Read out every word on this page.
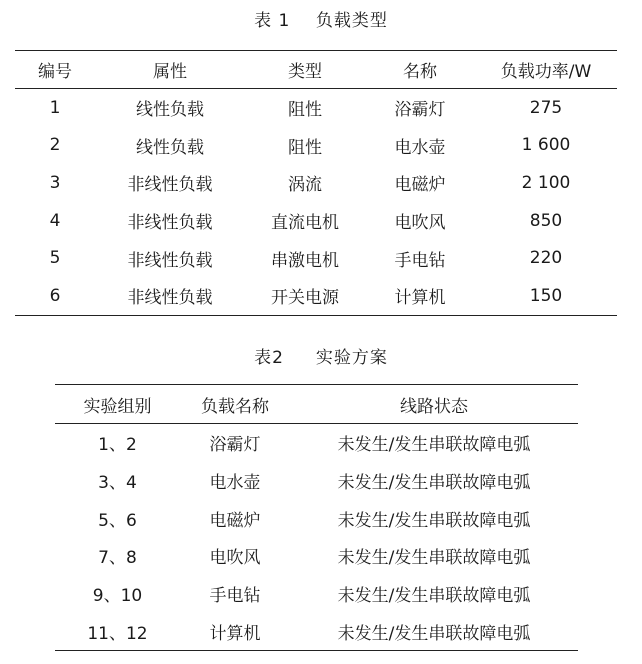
表 1    负载类型
编号	属性	类型	名称	负载功率/W
1	线性负载	阻性	浴霸灯	275
2	线性负载	阻性	电水壶	1 600
3	非线性负载	涡流	电磁炉	2 100
4	非线性负载	直流电机	电吹风	850
5	非线性负载	串激电机	手电钻	220
6	非线性负载	开关电源	计算机	150
表2     实验方案
实验组别	负载名称	线路状态
1、2	浴霸灯	未发生/发生串联故障电弧
3、4	电水壶	未发生/发生串联故障电弧
5、6	电磁炉	未发生/发生串联故障电弧
7、8	电吹风	未发生/发生串联故障电弧
9、10	手电钻	未发生/发生串联故障电弧
11、12	计算机	未发生/发生串联故障电弧
